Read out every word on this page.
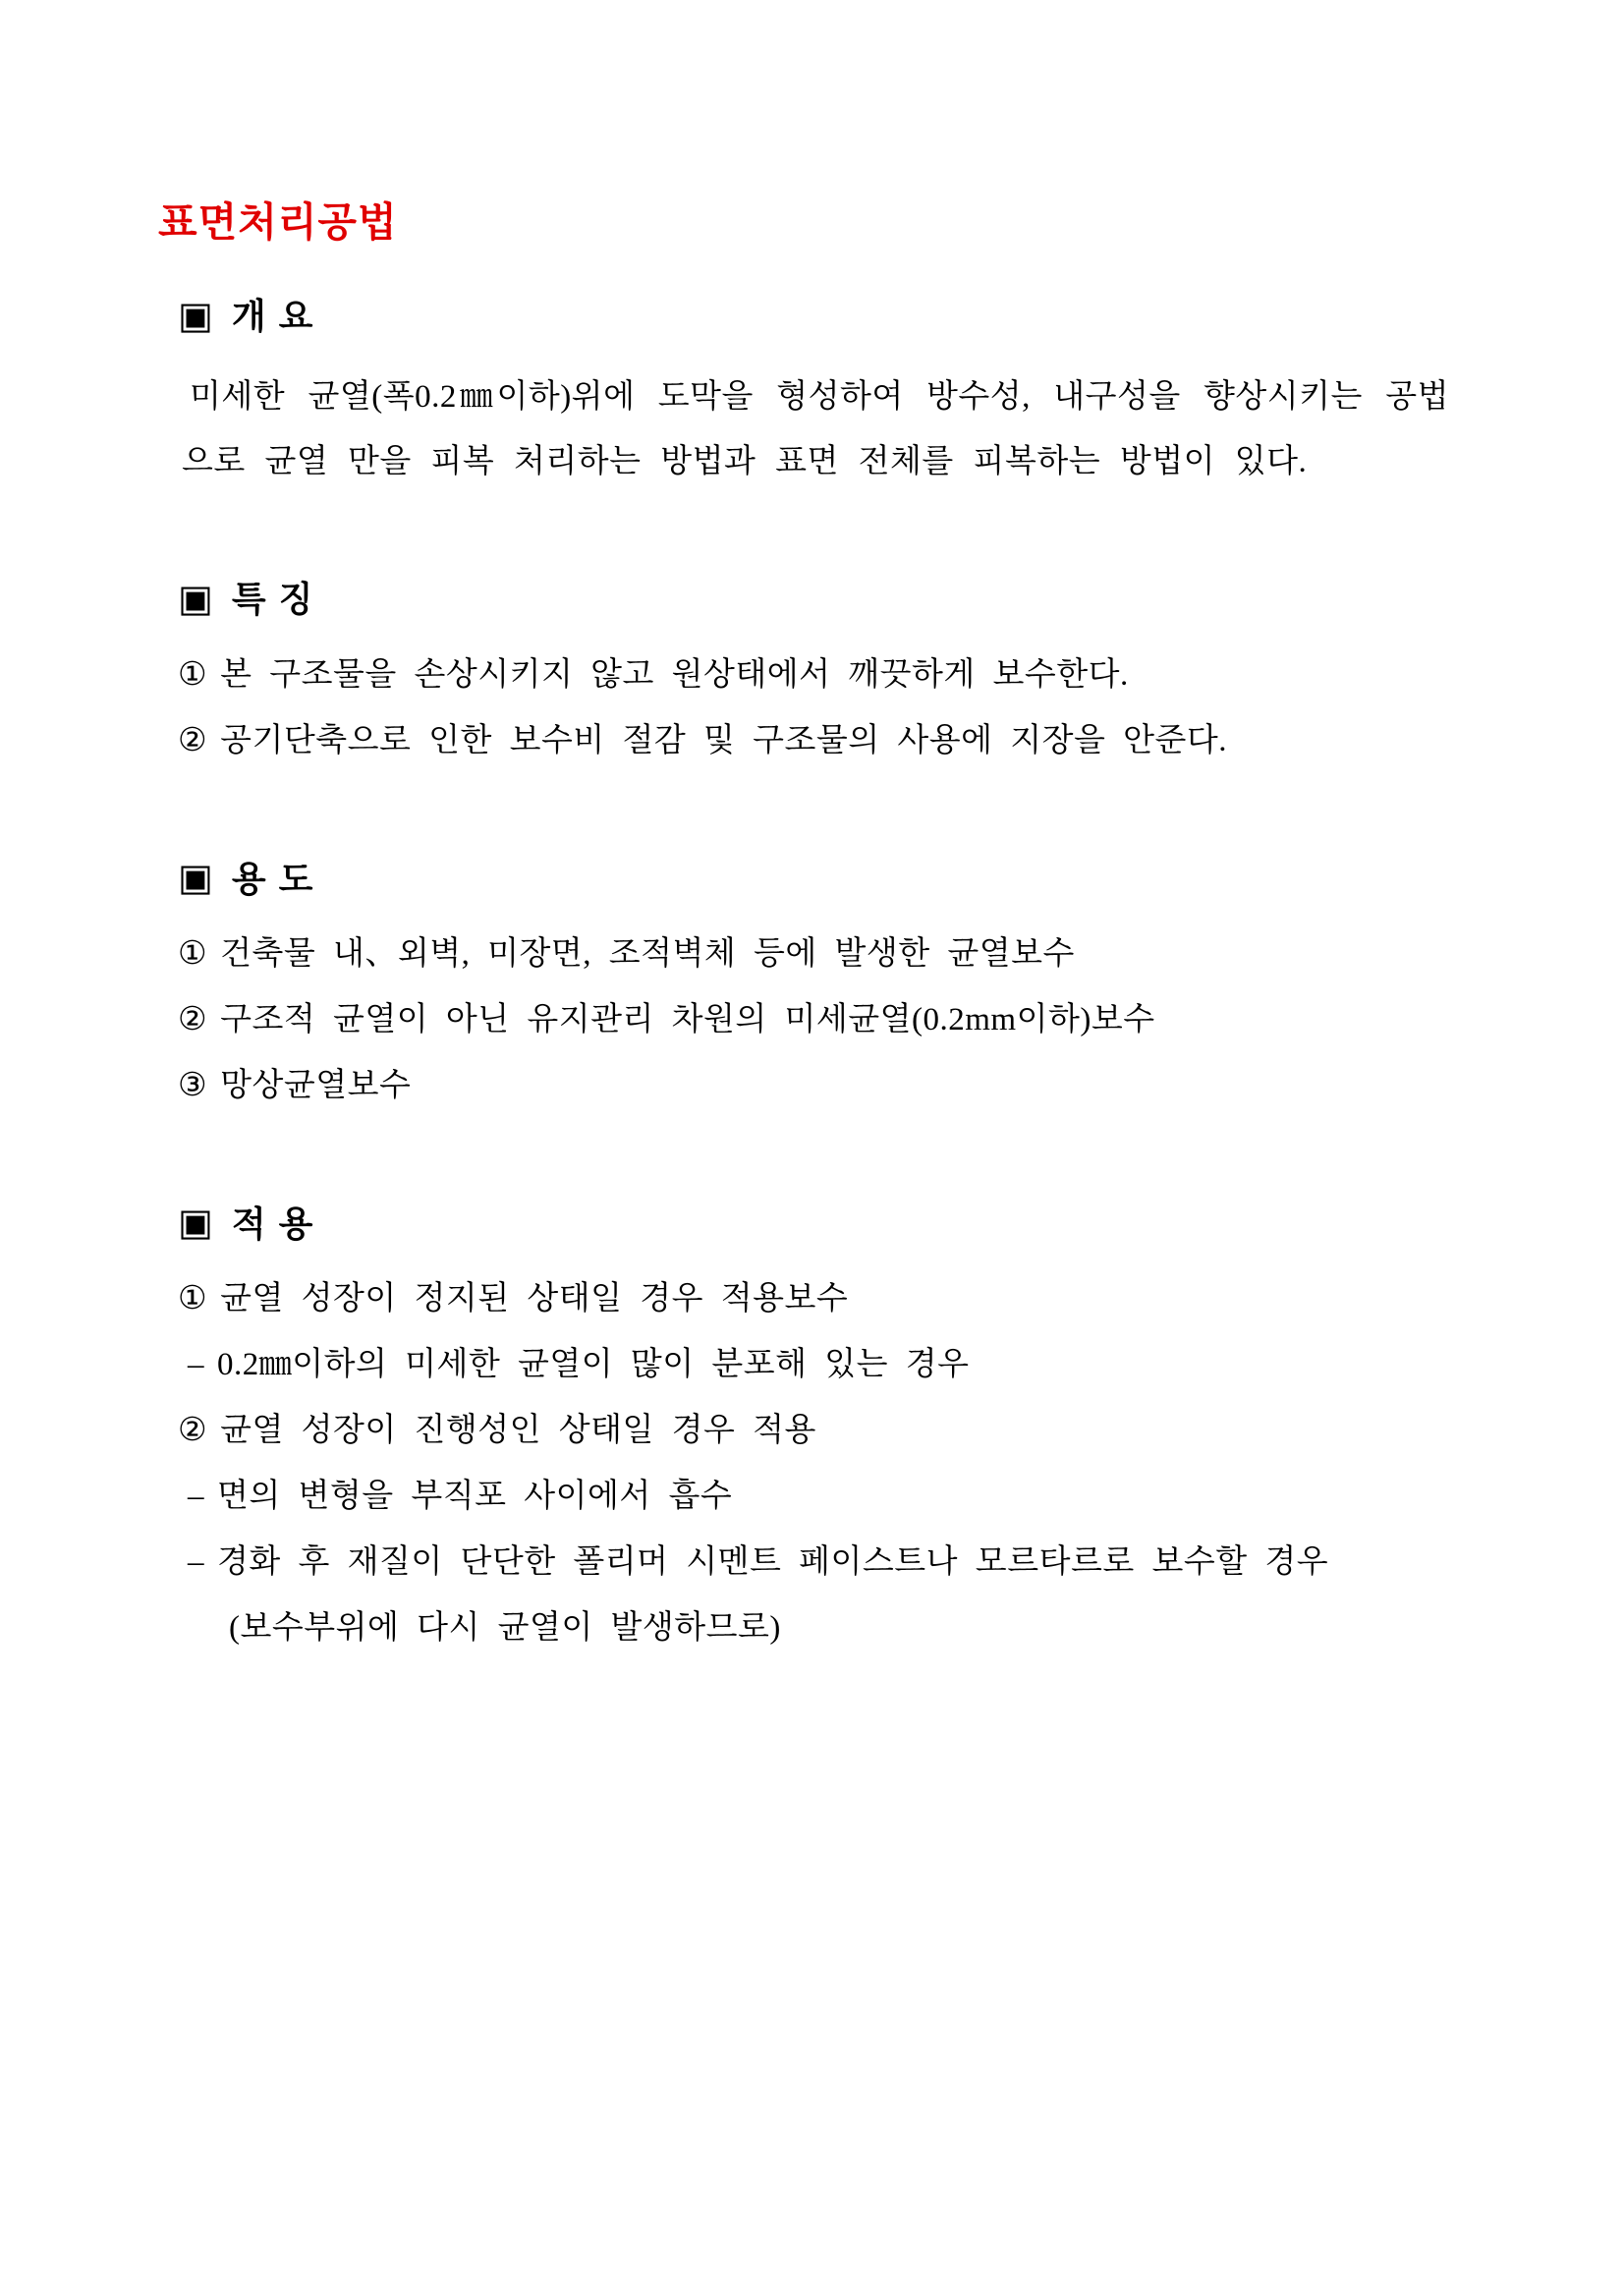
표면처리공법
▣ 개 요

미세한 균열(폭0.2㎜이하)위에 도막을 형성하여 방수성, 내구성을 향상시키는 공법으로 균열 만을 피복 처리하는 방법과 표면 전체를 피복하는 방법이 있다.

▣ 특 징
① 본 구조물을 손상시키지 않고 원상태에서 깨끗하게 보수한다.
② 공기단축으로 인한 보수비 절감 및 구조물의 사용에 지장을 안준다.
▣ 용 도
① 건축물 내、외벽, 미장면, 조적벽체 등에 발생한 균열보수
② 구조적 균열이 아닌 유지관리 차원의 미세균열(0.2mm이하)보수
③ 망상균열보수
▣ 적 용
① 균열 성장이 정지된 상태일 경우 적용보수
– 0.2㎜이하의 미세한 균열이 많이 분포해 있는 경우
② 균열 성장이 진행성인 상태일 경우 적용
– 면의 변형을 부직포 사이에서 흡수
– 경화 후 재질이 단단한 폴리머 시멘트 페이스트나 모르타르로 보수할 경우
(보수부위에 다시 균열이 발생하므로)
